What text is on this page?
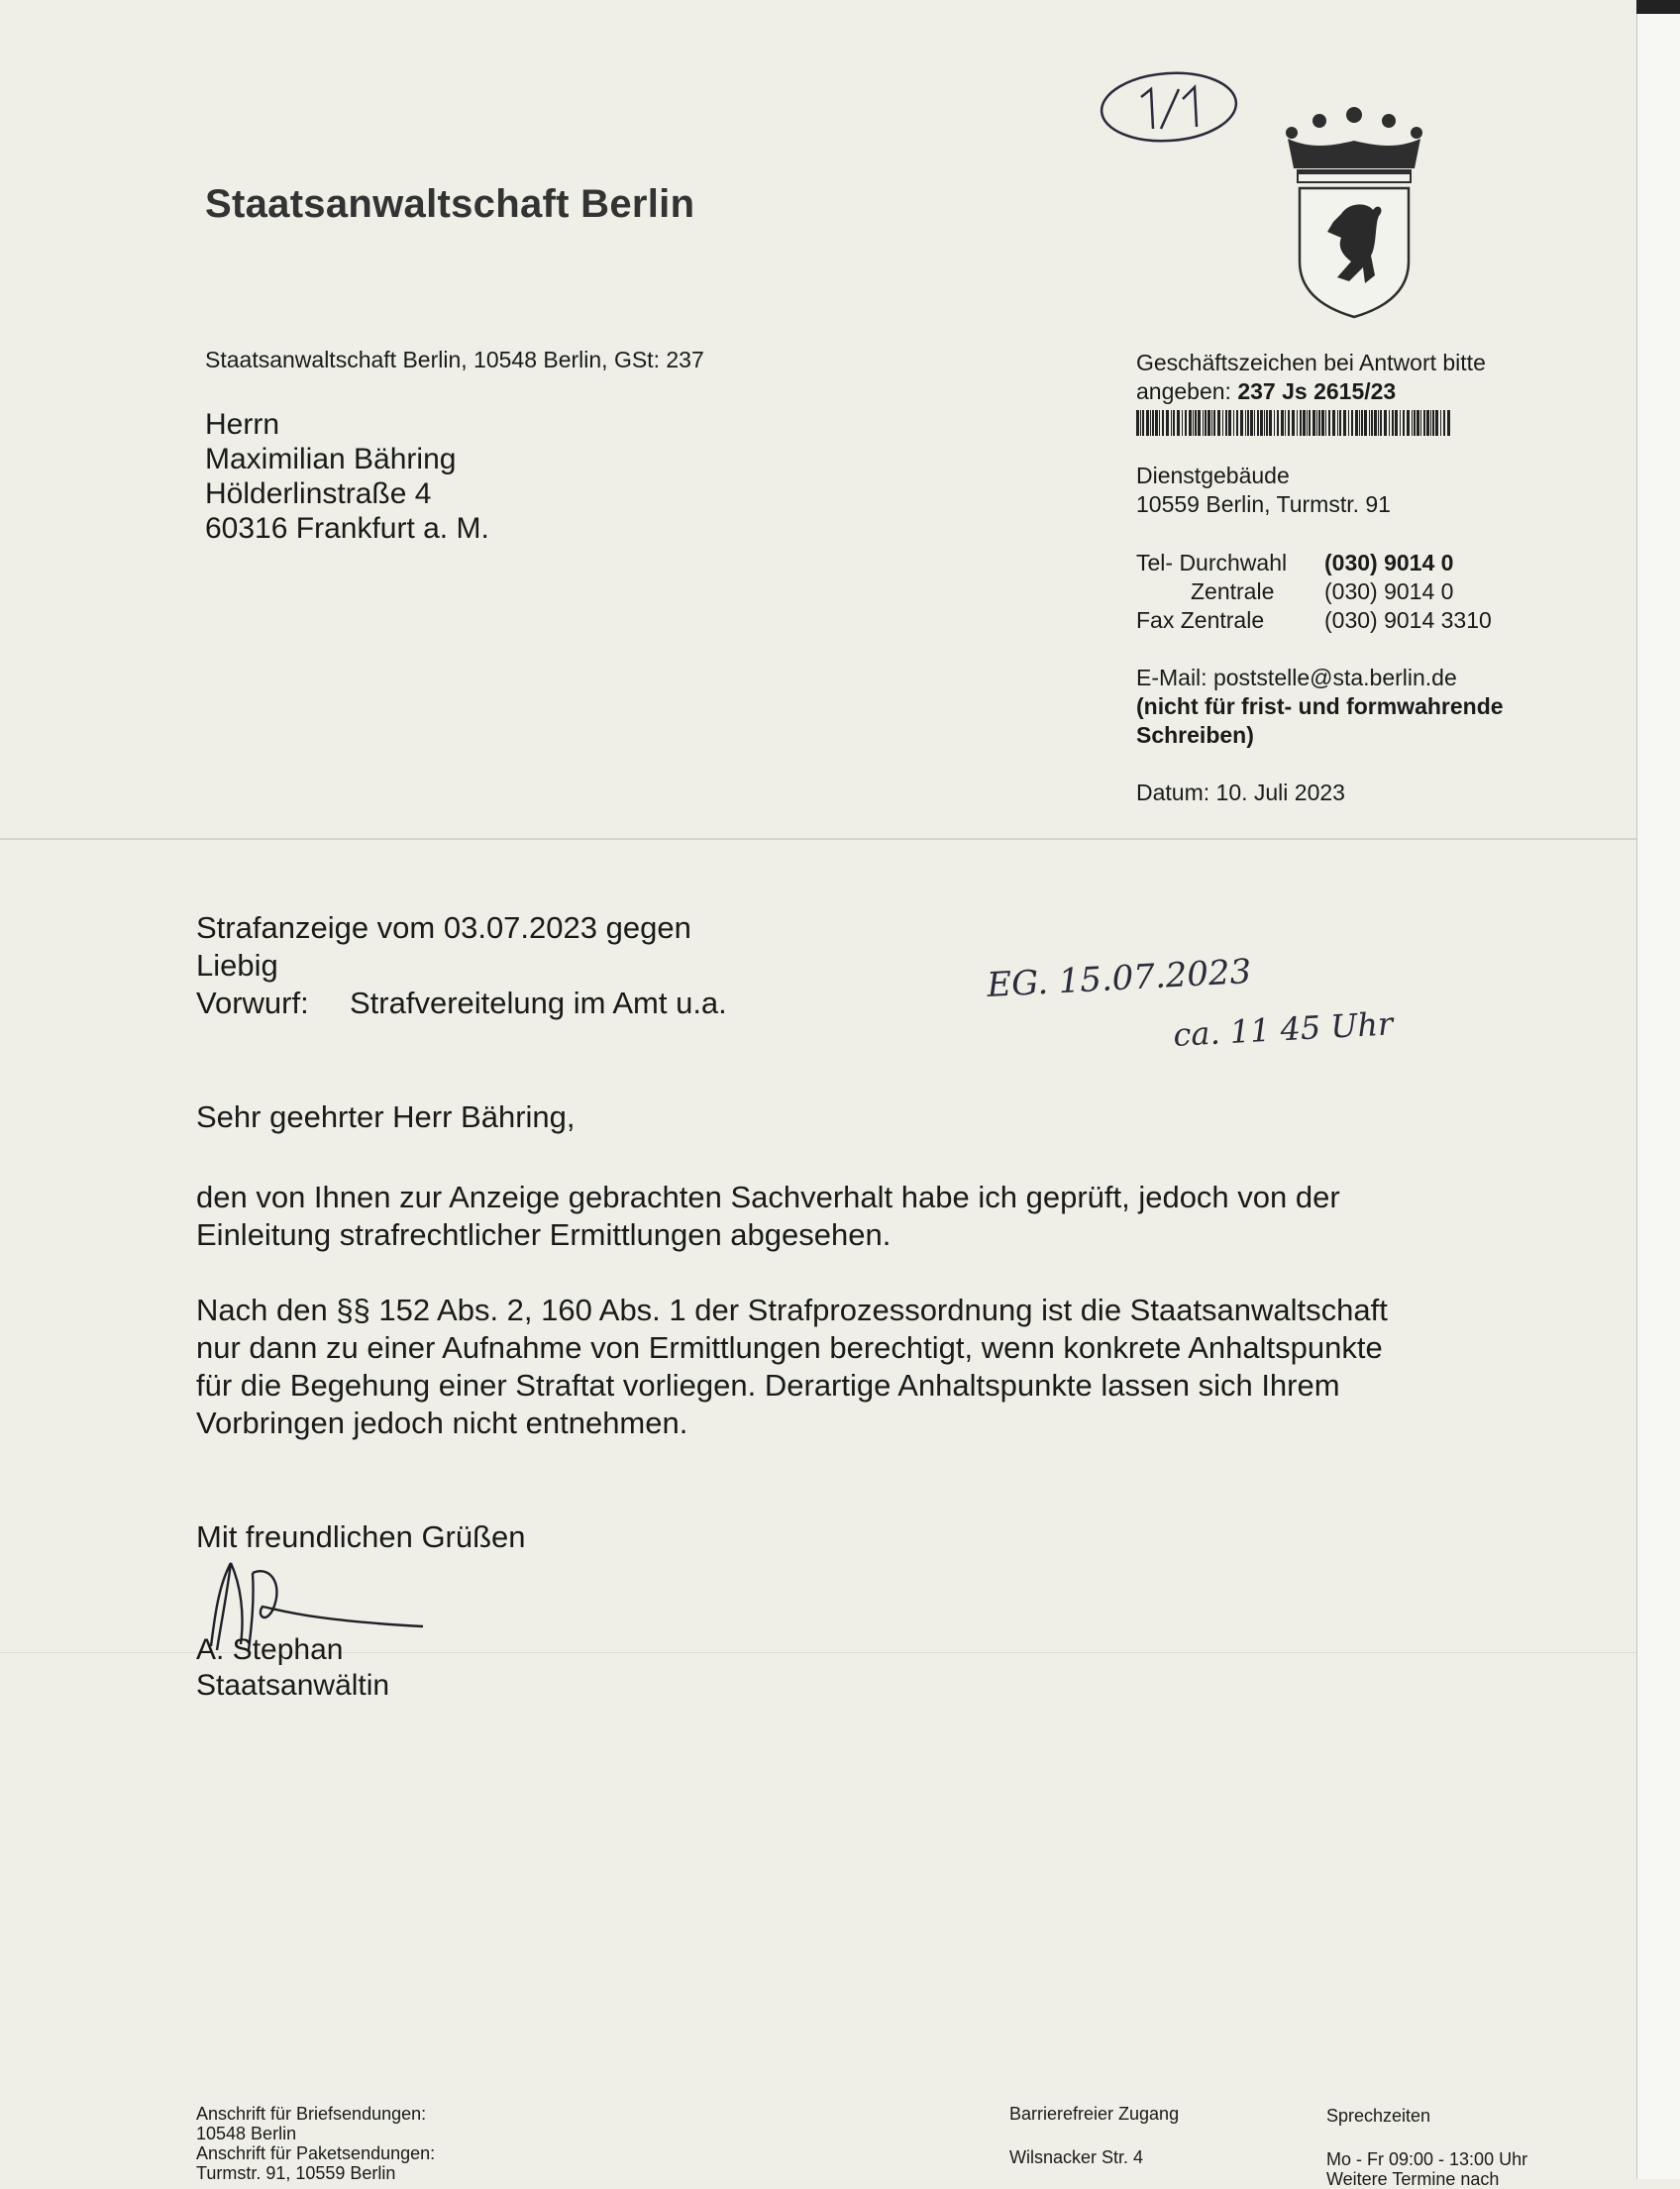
Staatsanwaltschaft Berlin
Staatsanwaltschaft Berlin, 10548 Berlin, GSt: 237	Geschäftszeichen bei Antwort bitte
angeben: 237 Js 2615/23
Dienstgebäude
10559 Berlin, Turmstr. 91
Tel- Durchwahl	(030) 9014 0
Zentrale	(030) 9014 0
Fax Zentrale	(030) 9014 3310
E-Mail: poststelle@sta.berlin.de
(nicht für frist- und formwahrende
Schreiben)
Datum: 10. Juli 2023
Herrn
Maximilian Bähring
Hölderlinstraße 4
60316 Frankfurt a. M.
Strafanzeige vom 03.07.2023 gegen
Liebig
Vorwurf: Strafvereitelung im Amt u.a.	EG. 15.07.2023
ca. 11 45 Uhr
Sehr geehrter Herr Bähring,
den von Ihnen zur Anzeige gebrachten Sachverhalt habe ich geprüft, jedoch von der
Einleitung strafrechtlicher Ermittlungen abgesehen.
Nach den §§ 152 Abs. 2, 160 Abs. 1 der Strafprozessordnung ist die Staatsanwaltschaft
nur dann zu einer Aufnahme von Ermittlungen berechtigt, wenn konkrete Anhaltspunkte
für die Begehung einer Straftat vorliegen. Derartige Anhaltspunkte lassen sich Ihrem
Vorbringen jedoch nicht entnehmen.
Mit freundlichen Grüßen
A. Stephan
Staatsanwältin
Anschrift für Briefsendungen:
10548 Berlin
Anschrift für Paketsendungen:
Turmstr. 91, 10559 Berlin
Barrierefreier Zugang
Wilsnacker Str. 4
Sprechzeiten
Mo - Fr 09:00 - 13:00 Uhr
Weitere Termine nach
